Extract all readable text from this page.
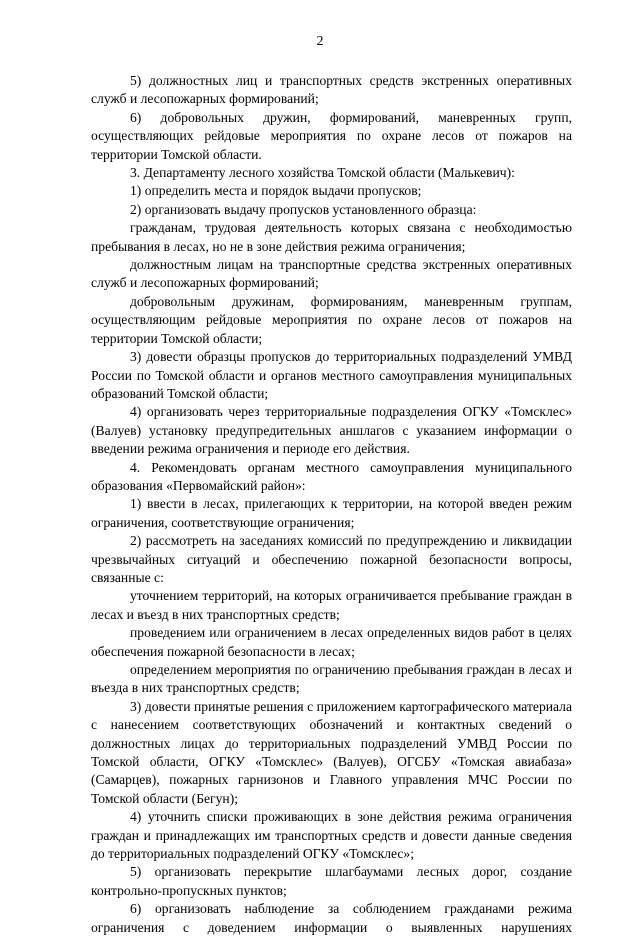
2

5) должностных лиц и транспортных средств экстренных оперативных служб и лесопожарных формирований;

6) добровольных дружин, формирований, маневренных групп, осуществляющих рейдовые мероприятия по охране лесов от пожаров на территории Томской области.

3. Департаменту лесного хозяйства Томской области (Малькевич):

1) определить места и порядок выдачи пропусков;

2) организовать выдачу пропусков установленного образца:

гражданам, трудовая деятельность которых связана с необходимостью пребывания в лесах, но не в зоне действия режима ограничения;

должностным лицам на транспортные средства экстренных оперативных служб и лесопожарных формирований;

добровольным дружинам, формированиям, маневренным группам, осуществляющим рейдовые мероприятия по охране лесов от пожаров на территории Томской области;

3) довести образцы пропусков до территориальных подразделений УМВД России по Томской области и органов местного самоуправления муниципальных образований Томской области;

4) организовать через территориальные подразделения ОГКУ «Томсклес» (Валуев) установку предупредительных аншлагов с указанием информации о введении режима ограничения и периоде его действия.

4. Рекомендовать органам местного самоуправления муниципального образования «Первомайский район»:

1) ввести в лесах, прилегающих к территории, на которой введен режим ограничения, соответствующие ограничения;

2) рассмотреть на заседаниях комиссий по предупреждению и ликвидации чрезвычайных ситуаций и обеспечению пожарной безопасности вопросы, связанные с:

уточнением территорий, на которых ограничивается пребывание граждан в лесах и въезд в них транспортных средств;

проведением или ограничением в лесах определенных видов работ в целях обеспечения пожарной безопасности в лесах;

определением мероприятия по ограничению пребывания граждан в лесах и въезда в них транспортных средств;

3) довести принятые решения с приложением картографического материала с нанесением соответствующих обозначений и контактных сведений о должностных лицах до территориальных подразделений УМВД России по Томской области, ОГКУ «Томсклес» (Валуев), ОГСБУ «Томская авиабаза» (Самарцев), пожарных гарнизонов и Главного управления МЧС России по Томской области (Бегун);

4) уточнить списки проживающих в зоне действия режима ограничения граждан и принадлежащих им транспортных средств и довести данные сведения до территориальных подразделений ОГКУ «Томсклес»;

5) организовать перекрытие шлагбаумами лесных дорог, создание контрольно-пропускных пунктов;

6) организовать наблюдение за соблюдением гражданами режима ограничения с доведением информации о выявленных нарушениях
